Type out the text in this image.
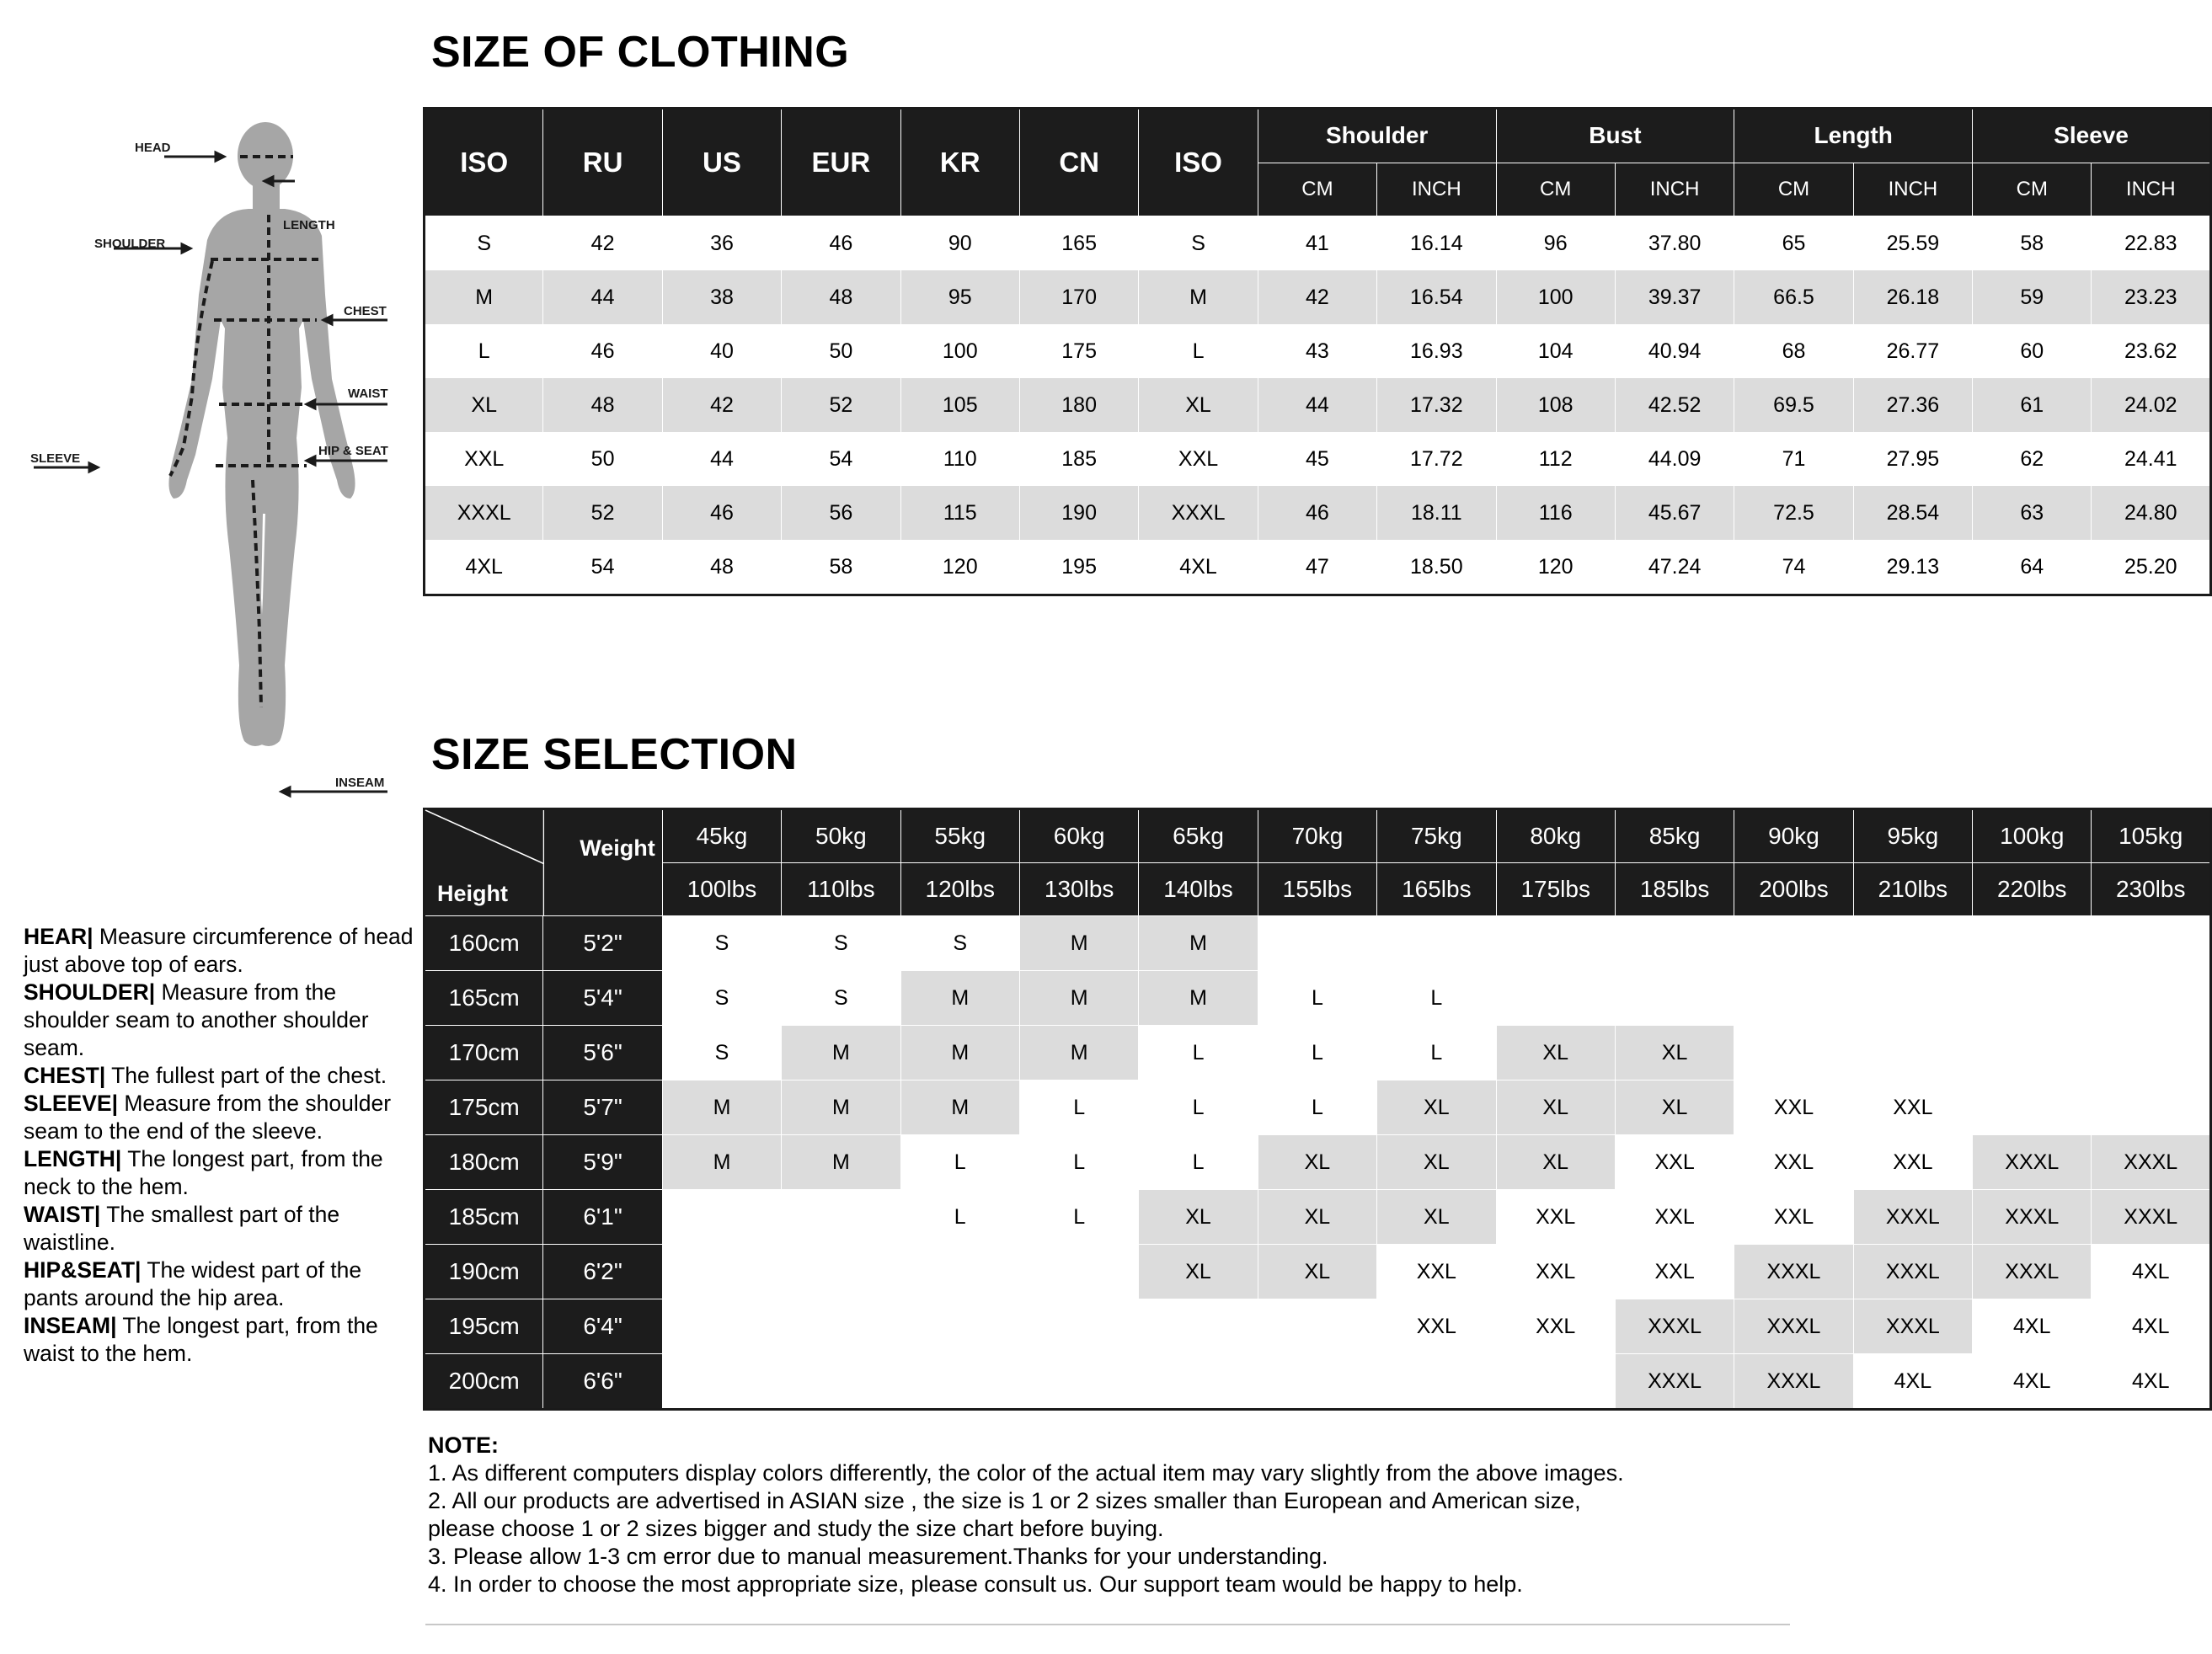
SIZE OF CLOTHING
SIZE SELECTION
HEAD
LENGTH
SHOULDER
CHEST
WAIST
HIP & SEAT
SLEEVE
INSEAM
ISO	RU	US	EUR	KR	CN	ISO	Shoulder		Bust		Length		Sleeve	
							CM	INCH	CM	INCH	CM	INCH	CM	INCH
S	42	36	46	90	165	S	41	16.14	96	37.80	65	25.59	58	22.83
M	44	38	48	95	170	M	42	16.54	100	39.37	66.5	26.18	59	23.23
L	46	40	50	100	175	L	43	16.93	104	40.94	68	26.77	60	23.62
XL	48	42	52	105	180	XL	44	17.32	108	42.52	69.5	27.36	61	24.02
XXL	50	44	54	110	185	XXL	45	17.72	112	44.09	71	27.95	62	24.41
XXXL	52	46	56	115	190	XXXL	46	18.11	116	45.67	72.5	28.54	63	24.80
4XL	54	48	58	120	195	4XL	47	18.50	120	47.24	74	29.13	64	25.20
Weight
Height		45kg	50kg	55kg	60kg	65kg	70kg	75kg	80kg	85kg	90kg	95kg	100kg	105kg
		100lbs	110lbs	120lbs	130lbs	140lbs	155lbs	165lbs	175lbs	185lbs	200lbs	210lbs	220lbs	230lbs
160cm	5'2"	S	S	S	M	M								
165cm	5'4"	S	S	M	M	M	L	L						
170cm	5'6"	S	M	M	M	L	L	L	XL	XL				
175cm	5'7"	M	M	M	L	L	L	XL	XL	XL	XXL	XXL		
180cm	5'9"	M	M	L	L	L	XL	XL	XL	XXL	XXL	XXL	XXXL	XXXL
185cm	6'1"			L	L	XL	XL	XL	XXL	XXL	XXL	XXXL	XXXL	XXXL
190cm	6'2"					XL	XL	XXL	XXL	XXL	XXXL	XXXL	XXXL	4XL
195cm	6'4"							XXL	XXL	XXXL	XXXL	XXXL	4XL	4XL
200cm	6'6"									XXXL	XXXL	4XL	4XL	4XL
HEAR| Measure circumference of head just above top of ears.
SHOULDER| Measure from the shoulder seam to another shoulder seam.
CHEST| The fullest part of the chest.
SLEEVE| Measure from the shoulder seam to the end of the sleeve.
LENGTH| The longest part, from the neck to the hem.
WAIST| The smallest part of the waistline.
HIP&SEAT| The widest part of the pants around the hip area.
INSEAM| The longest part, from the waist to the hem.
NOTE:
1. As different computers display colors differently, the color of the actual item may vary slightly from the above images.
2. All our products are advertised in ASIAN size , the size is 1 or 2 sizes smaller than European and American size,
please choose 1 or 2 sizes bigger and study the size chart before buying.
3. Please allow 1-3 cm error due to manual measurement.Thanks for your understanding.
4. In order to choose the most appropriate size, please consult us. Our support team would be happy to help.
